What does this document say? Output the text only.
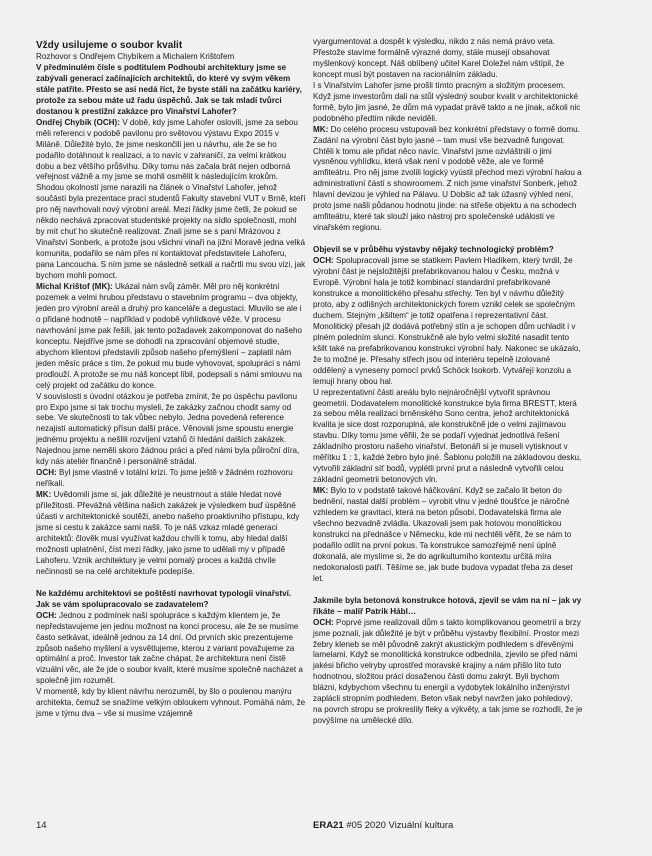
Vždy usilujeme o soubor kvalit

Rozhovor s Ondřejem Chybíkem a Michalem Krištofem

V předminulém čísle s podtitulem Podhoubí architektury jsme se zabývali generací začínajících architektů, do které vy svým věkem stále patříte. Přesto se asi nedá říct, že byste stáli na začátku kariéry, protože za sebou máte už řadu úspěchů. Jak se tak mladí tvůrci dostanou k prestižní zakázce pro Vinařství Lahofer?

Ondřej Chybík (OCH): V době, kdy jsme Lahofer oslovili, jsme za sebou měli referenci v podobě pavilonu pro světovou výstavu Expo 2015 v Miláně. Důležité bylo, že jsme neskončili jen u návrhu, ale že se ho podařilo dotáhnout k realizaci, a to navíc v zahraničí, za velmi krátkou dobu a bez většího průšvihu. Díky tomu nás začala brát nejen odborná veřejnost vážně a my jsme se mohli osmělit k následujícím krokům. Shodou okolností jsme narazili na článek o Vinařství Lahofer, jehož součástí byla prezentace prací studentů Fakulty stavební VUT v Brně, kteří pro něj navrhovali nový výrobní areál. Mezi řádky jsme četli, že pokud se někdo nechává zpracovat studentské projekty na sídlo společnosti, mohl by mít chuť ho skutečně realizovat. Znali jsme se s paní Mrázovou z Vinařství Sonberk, a protože jsou všichni vinaři na jižní Moravě jedna velká komunita, podařilo se nám přes ni kontaktovat představitele Lahoferu, pana Lancoucha. S ním jsme se následně setkali a načrtli mu svou vizi, jak bychom mohli pomoct.

Michal Krištof (MK): Ukázal nám svůj záměr. Měl pro něj konkrétní pozemek a velmi hrubou představu o stavebním programu – dva objekty, jeden pro výrobní areál a druhý pro kanceláře a degustaci. Mluvilo se ale i o přidané hodnotě – například v podobě vyhlídkové věže. V procesu navrhování jsme pak řešili, jak tento požadavek zakomponovat do našeho konceptu. Nejdříve jsme se dohodli na zpracování objemové studie, abychom klientovi představili způsob našeho přemýšlení – zaplatil nám jeden měsíc práce s tím, že pokud mu bude vyhovovat, spolupráci s námi prodlouží. A protože se mu náš koncept líbil, podepsali s námi smlouvu na celý projekt od začátku do konce.

V souvislosti s úvodní otázkou je potřeba zmínit, že po úspěchu pavilonu pro Expo jsme si tak trochu mysleli, že zakázky začnou chodit samy od sebe. Ve skutečnosti to tak vůbec nebylo. Jedna povedená reference nezajistí automatický přísun další práce. Věnovali jsme spoustu energie jednému projektu a nešlili rozvíjení vztahů či hledání dalších zakázek. Najednou jsme neměli skoro žádnou práci a před námi byla půlroční díra, kdy nás ateliér finančně i personálně strádal.

OCH: Byl jsme vlastně v totální krizi. To jsme ještě v žádném rozhovoru neříkali.

MK: Uvědomili jsme si, jak důležité je neustrnout a stále hledat nové příležitosti. Převážná většina našich zakázek je výsledkem buď úspěšné účasti v architektonické soutěži, anebo našeho proaktivního přístupu, kdy jsme si cestu k zakázce sami našli. To je náš vzkaz mladé generaci architektů: člověk musí využívat každou chvíli k tomu, aby hledal další možnosti uplatnění, číst mezi řádky, jako jsme to udělali my v případě Lahoferu. Vznik architektury je velmi pomalý proces a každá chvíle nečinnosti se na celé architektuře podepíše.

Ne každému architektovi se poštěstí navrhovat typologii vinařství. Jak se vám spolupracovalo se zadavatelem?

OCH: Jednou z podmínek naší spolupráce s každým klientem je, že nepředstavujeme jen jednu možnost na konci procesu, ale že se musíme často setkávat, ideálně jednou za 14 dní. Od prvních skic prezentujeme způsob našeho myšlení a vysvětlujeme, kterou z variant považujeme za optimální a proč. Investor tak začne chápat, že architektura není čistě vizuální věc, ale že jde o soubor kvalit, které musíme společně nacházet a společně jim rozumět.

V momentě, kdy by klient návrhu nerozuměl, by šlo o poulenou manýru architekta, čemuž se snažíme velkým obloukem vyhnout. Pomáhá nám, že jsme v týmu dva – vše si musíme vzájemně

vyargumentovat a dospět k výsledku, nikdo z nás nemá právo veta. Přestože stavíme formálně výrazné domy, stále musejí obsahovat myšlenkový koncept. Náš oblíbený učitel Karel Doležel nám vštípil, že koncept musí být postaven na racionálním základu.

I s Vinařstvím Lahofer jsme prošli tímto pracným a složitým procesem. Když jsme investorům dali na stůl výsledný soubor kvalit v architektonické formě, bylo jim jasné, že dům má vypadat právě takto a ne jinak, ačkoli nic podobného předtím nikde neviděli.

MK: Do celého procesu vstupovali bez konkrétní představy o formě domu. Zadání na výrobní část bylo jasné – tam musí vše bezvadně fungovat. Chtěli k tomu ale přidat něco navíc. Vinařství jsme ozvláštnili o jimi vysněnou vyhlídku, která však není v podobě věže, ale ve formě amfiteátru. Pro něj jsme zvolili logický vyústil přechod mezi výrobní halou a administrativní částí s showroomem. Z nich jsme vinařství Sonberk, jehož hlavní devizou je výhled na Pálavu. U Dobšic až tak úžasný výhled není, proto jsme našli půdanou hodnotu jinde: na střeše objektu a na schodech amfiteátru, které tak slouží jako nástroj pro společenské události ve vinařském regionu.

Objevil se v průběhu výstavby nějaký technologický problém?

OCH: Spolupracovali jsme se statikem Pavlem Hladíkem, který tvrdil, že výrobní část je nejsložitější prefabrikovanou halou v Česku, možná v Evropě. Výrobní hala je totiž kombinací standardní prefabrikované konstrukce a monolitického přesahu střechy. Ten byl v návrhu důležitý proto, aby z odlišných architektonických forem vznikl celek se společným duchem. Stejným „kšiltem“ je totiž opatřena i reprezentativní část. Monolitický přesah již dodává potřebný stín a je schopen dům uchladit i v plném poledním slunci. Konstrukčně ale bylo velmi složité nasadit tento kšilt také na prefabrikovanou konstrukci výrobní haly. Nakonec se ukázalo, že to možné je. Přesahy střech jsou od interiéru tepelně izolované oddělený a vyneseny pomocí prvků Schöck Isokorb. Vytvářejí konzolu a lemují hrany obou hal.

U reprezentativní části areálu bylo nejnáročnější vytvořit správnou geometrii. Dodavatelem monolitické konstrukce byla firma BRESTT, která za sebou měla realizaci brněnského Sono centra, jehož architektonická kvalita je sice dost rozporuplná, ale konstrukčně jde o velmi zajímavou stavbu. Díky tomu jsme věřili, že se podaří vyjednat jednotlivá řešení základního prostoru našeho vinařství. Betonáři si je museli vytisknout v měřítku 1 : 1, každé žebro bylo jiné. Šablonu položili na základovou desku, vytvořili základní síť bodů, vyplétli první prut a následně vytvořili celou základní geometrii betonových vln.

MK: Bylo to v podstatě takové háčkování. Když se začalo lit beton do bednění, nastal další problém – vyrobit vlnu v jedné tloušťce je náročné vzhledem ke gravitaci, která na beton působí. Dodavatelská firma ale všechno bezvadně zvládla. Ukazovali jsem pak hotovou monolitickou konstrukci na přednášce v Německu, kde mi nechtěli věřit, že se nám to podařilo odlít na první pokus. Ta konstrukce samozřejmě není úplně dokonalá, ale myslíme si, že do agrikulturního kontextu určitá míra nedokonalosti patří. Těšíme se, jak bude budova vypadat třeba za deset let.

Jakmile byla betonová konstrukce hotová, zjevil se vám na ní – jak vy říkáte – malíř Patrik Hábl…

OCH: Poprvé jsme realizovali dům s takto komplikovanou geometrií a brzy jsme poznali, jak důležité je být v průběhu výstavby flexibilní. Prostor mezi žebry kleneb se měl původně zakrýt akustickým podhledem s dřevěnými lamelami. Když se monolitická konstrukce odbednila, zjevilo se před námi jakési břicho velryby uprostřed moravské krajiny a nám přišlo líto tuto hodnotnou, složitou práci dosaženou části domu zakrýt. Byli bychom blázni, kdybychom všechnu tu energii a vydobytek lokálního inženýrství zaplácli stropním podhledem. Beton však nebyl navržen jako pohledový, na povrch stropu se prokreslily fleky a výkvěty, a tak jsme se rozhodli, že je povýšíme na umělecké dílo.

14	ERA21 #05 2020 Vizuální kultura
